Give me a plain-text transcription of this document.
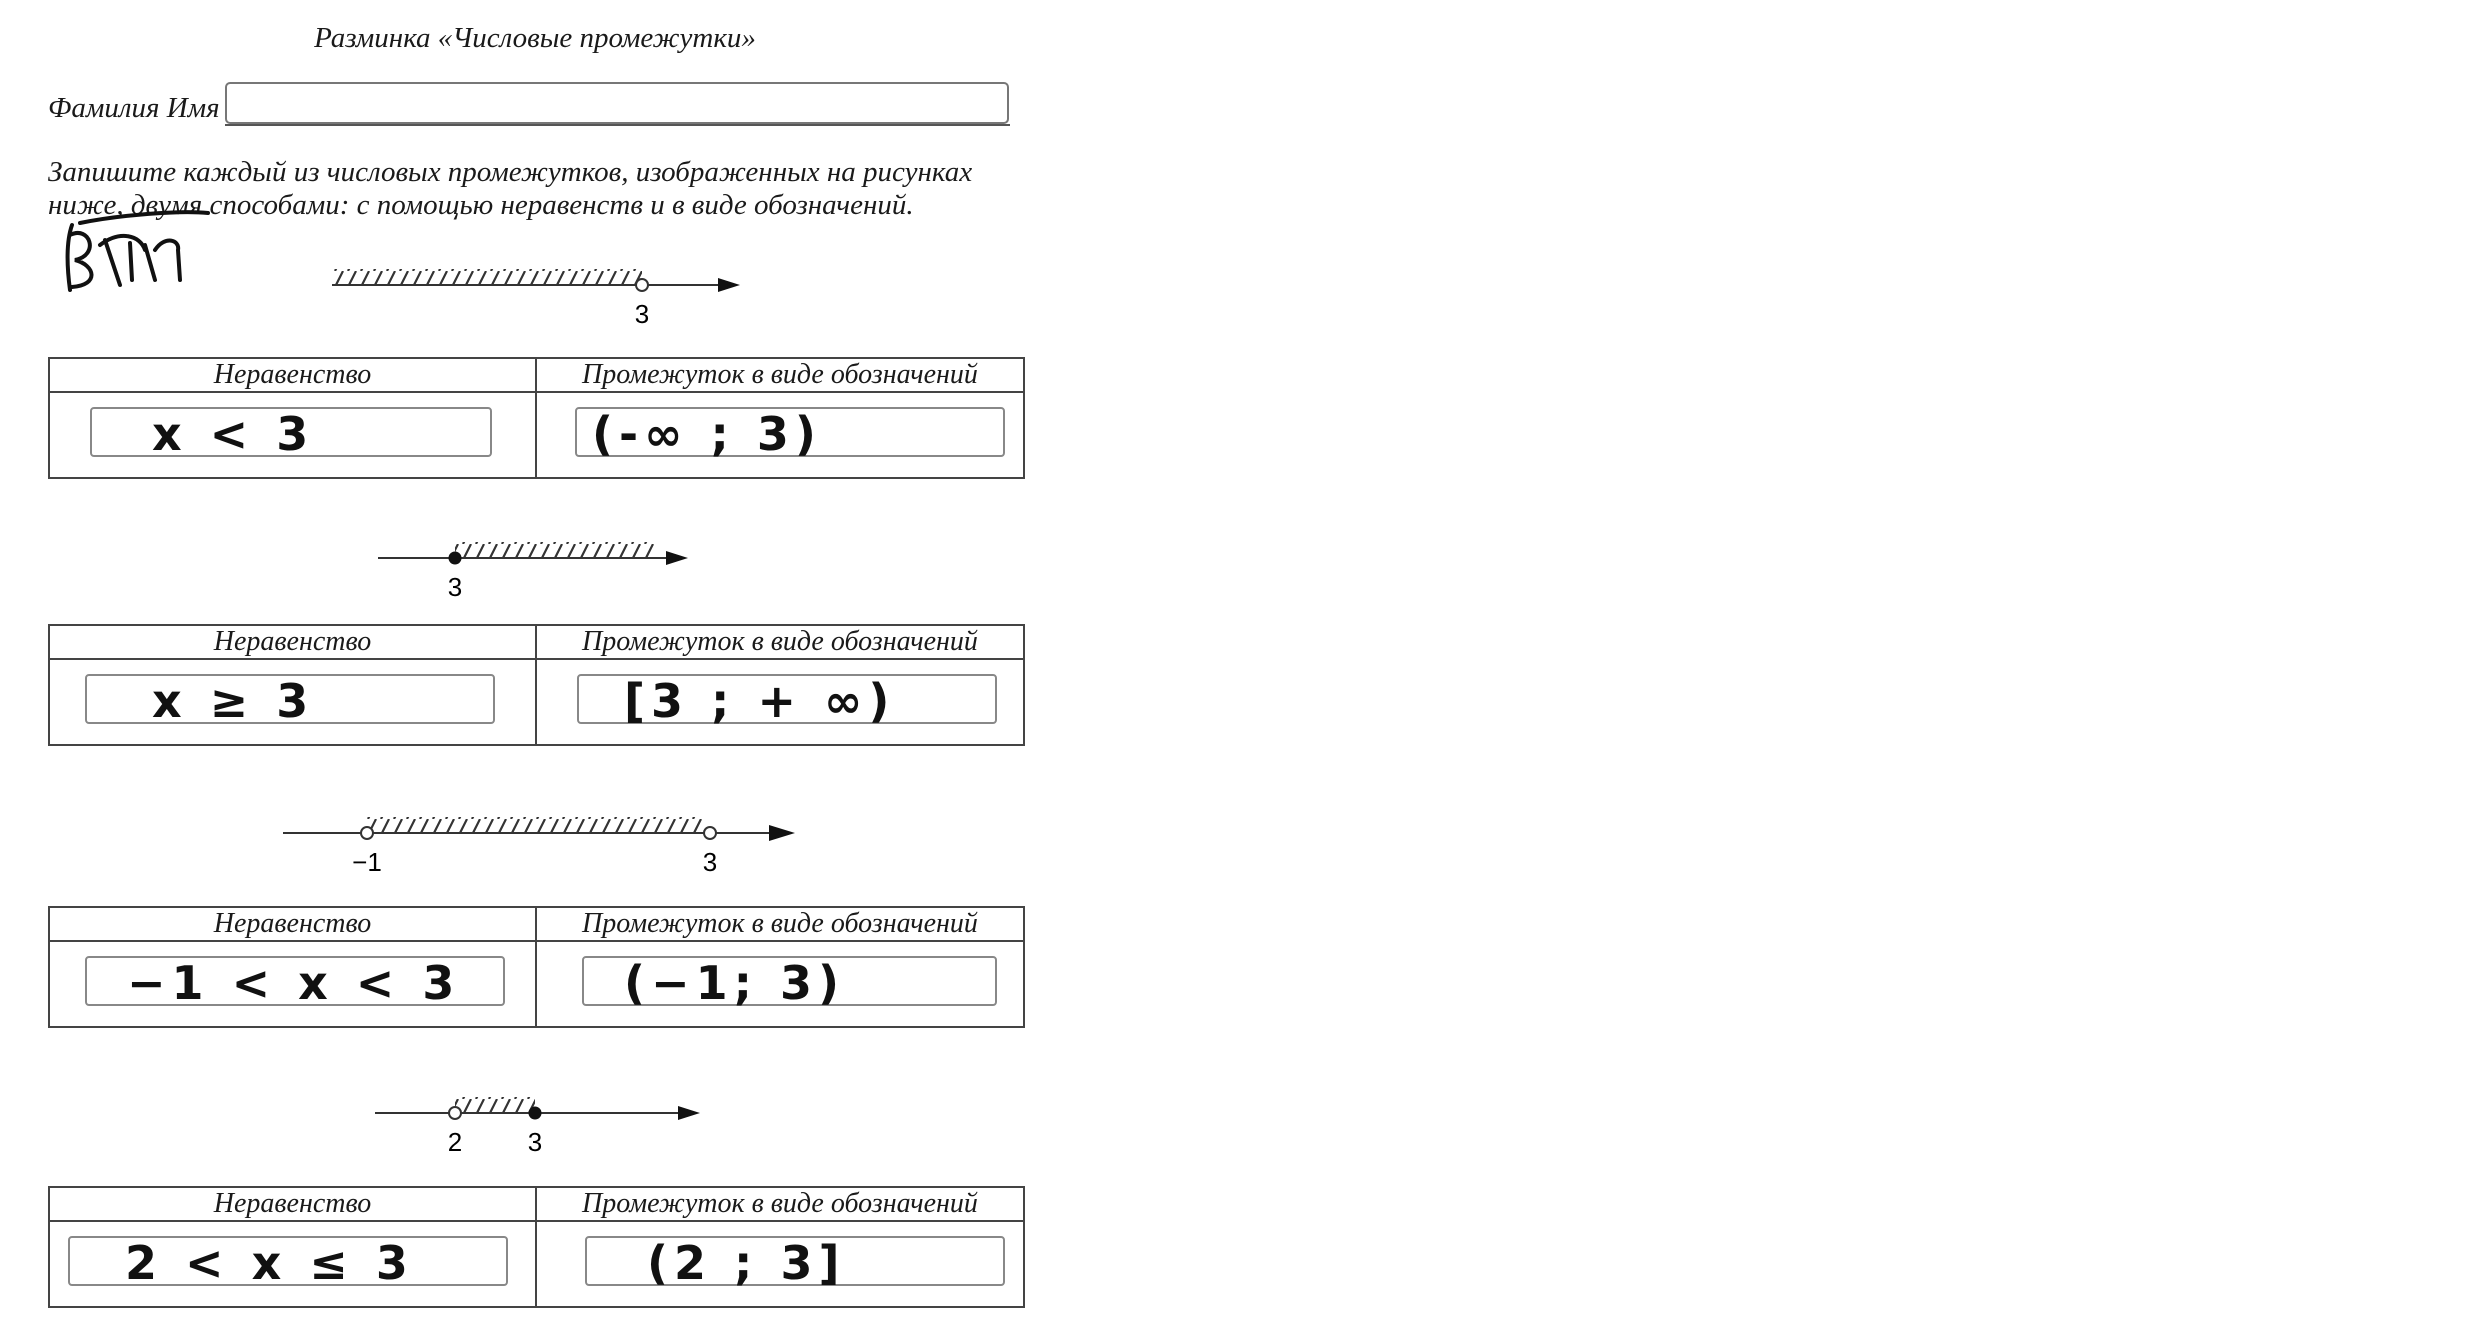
Разминка «Числовые промежутки»
Фамилия Имя
Запишите каждый из числовых промежутков, изображенных на рисунках ниже, двумя способами: с помощью неравенств и в виде обозначений.
3
Неравенство	Промежуток в виде обозначений

x < 3	(-∞ ; 3)
3
Неравенство	Промежуток в виде обозначений

x ≥ 3	[3 ; + ∞)
−1	3
Неравенство	Промежуток в виде обозначений

−1 < x < 3	(−1; 3)
2	3
Неравенство	Промежуток в виде обозначений

2 < x ≤ 3	(2 ; 3]
